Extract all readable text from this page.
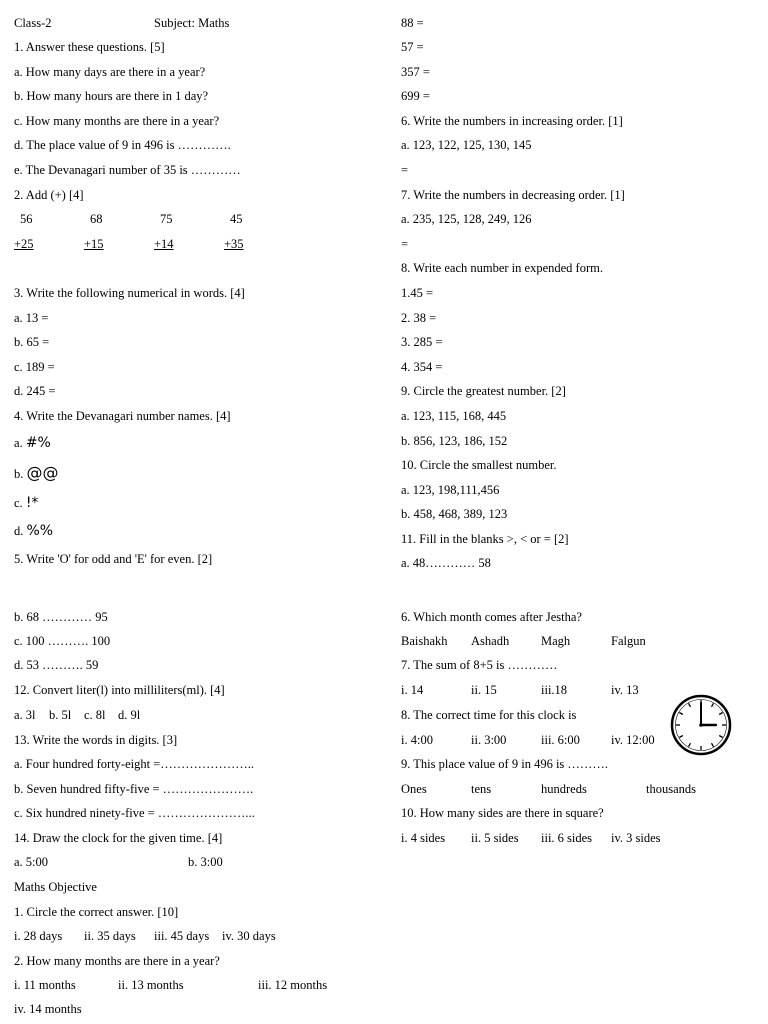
Class-2	Subject: Maths
1. Answer these questions. [5]
a. How many days are there in a year?
b. How many hours are there in 1 day?
c. How many months are there in a year?
d. The place value of 9 in 496 is ………….
e. The Devanagari number of 35 is …………
2. Add (+) [4]
56	68	75	45
+25	+15	+14	+35
3. Write the following numerical in words. [4]
a. 13 =
b. 65 =
c. 189 =
d. 245 =
4. Write the Devanagari number names. [4]
a. #%
b. @@
c. !*
d. %%
5. Write 'O' for odd and 'E' for even. [2]
b. 68 ………… 95
c. 100 ………. 100
d. 53 ………. 59
12. Convert liter(l) into milliliters(ml). [4]
a. 3l b. 5l c. 8l d. 9l
13. Write the words in digits. [3]
a. Four hundred forty-eight =…………………..
b. Seven hundred fifty-five = ………………….
c. Six hundred ninety-five = …………………...
14. Draw the clock for the given time. [4]
a. 5:00	b. 3:00
Maths Objective
1. Circle the correct answer. [10]
i. 28 days ii. 35 days iii. 45 days iv. 30 days
2. How many months are there in a year?
i. 11 months	ii. 13 months	iii. 12 months
iv. 14 months
88 =
57 =
357 =
699 =
6. Write the numbers in increasing order. [1]
a. 123, 122, 125, 130, 145
=
7. Write the numbers in decreasing order. [1]
a. 235, 125, 128, 249, 126
=
8. Write each number in expended form.
1.45 =
2. 38 =
3. 285 =
4. 354 =
9. Circle the greatest number. [2]
a. 123, 115, 168, 445
b. 856, 123, 186, 152
10. Circle the smallest number.
a. 123, 198,111,456
b. 458, 468, 389, 123
11. Fill in the blanks >, < or = [2]
a. 48………… 58
6. Which month comes after Jestha?
Baishakh Ashadh	Magh	Falgun
7. The sum of 8+5 is …………
i. 14	ii. 15	iii.18	iv. 13
8. The correct time for this clock is
i. 4:00	ii. 3:00	iii. 6:00 iv. 12:00
9. This place value of 9 in 496 is ……….
Ones	tens	hundreds	thousands
10. How many sides are there in square?
i. 4 sides ii. 5 sides iii. 6 sides iv. 3 sides
